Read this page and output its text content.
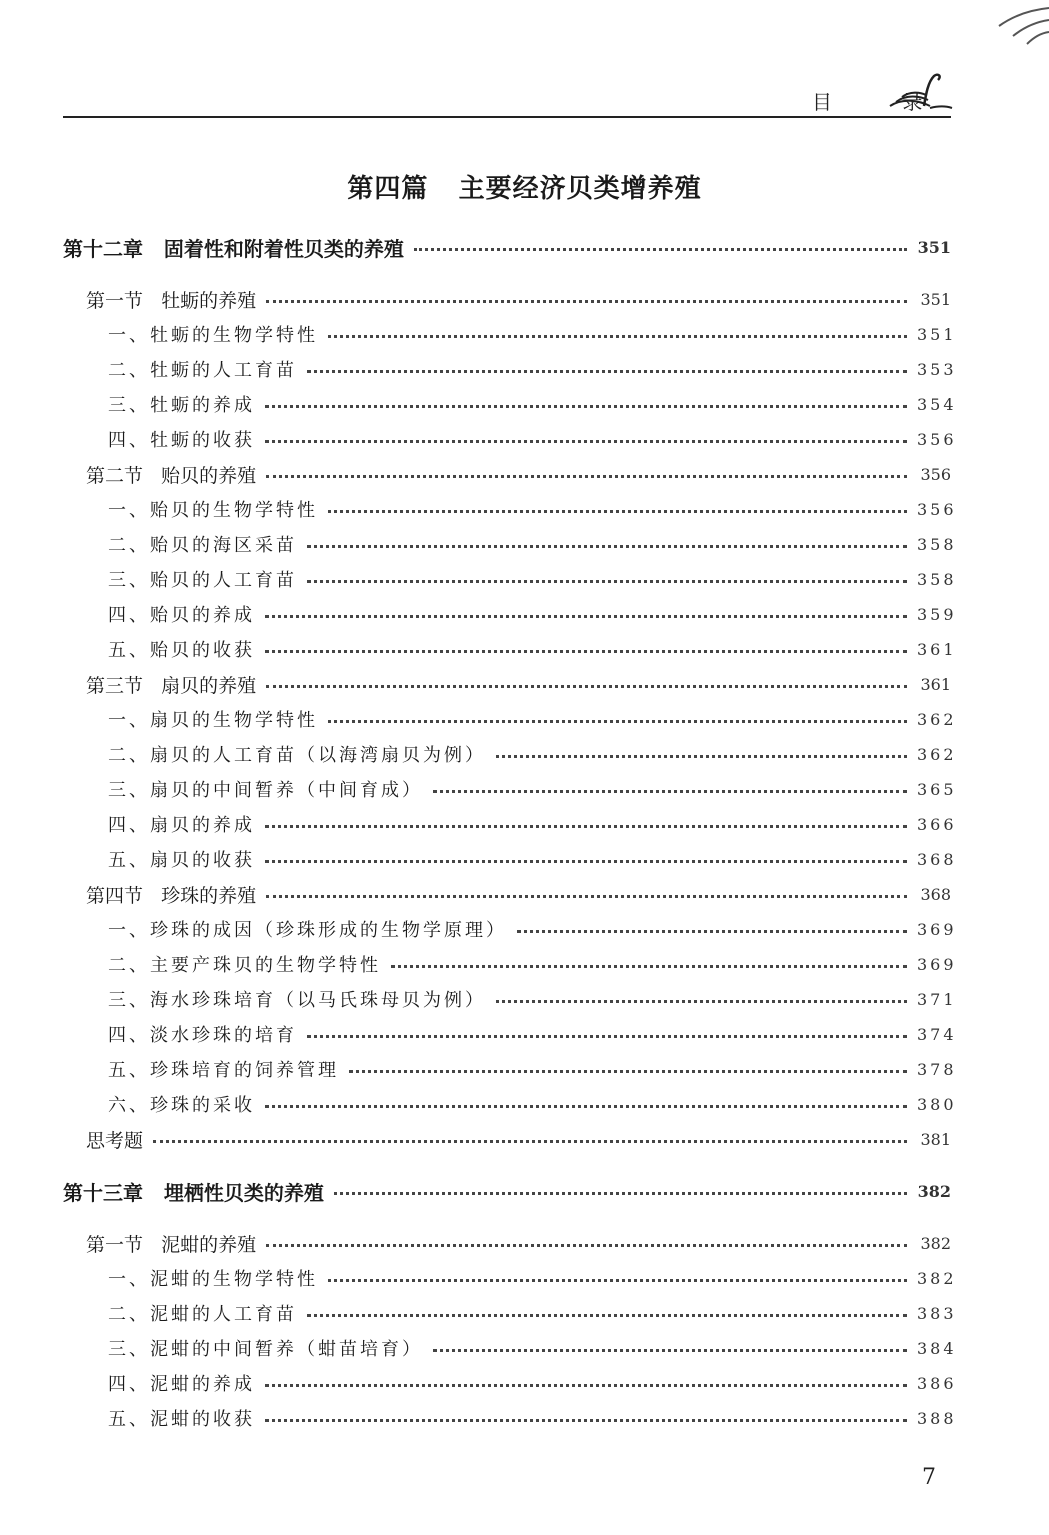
目 录
第四篇   主要经济贝类增养殖
第十二章   固着性和附着性贝类的养殖	351
第一节   牡蛎的养殖	351
一、牡蛎的生物学特性	351
二、牡蛎的人工育苗	353
三、牡蛎的养成	354
四、牡蛎的收获	356
第二节   贻贝的养殖	356
一、贻贝的生物学特性	356
二、贻贝的海区采苗	358
三、贻贝的人工育苗	358
四、贻贝的养成	359
五、贻贝的收获	361
第三节   扇贝的养殖	361
一、扇贝的生物学特性	362
二、扇贝的人工育苗（以海湾扇贝为例）	362
三、扇贝的中间暂养（中间育成）	365
四、扇贝的养成	366
五、扇贝的收获	368
第四节   珍珠的养殖	368
一、珍珠的成因（珍珠形成的生物学原理）	369
二、主要产珠贝的生物学特性	369
三、海水珍珠培育（以马氏珠母贝为例）	371
四、淡水珍珠的培育	374
五、珍珠培育的饲养管理	378
六、珍珠的采收	380
思考题	381
第十三章   埋栖性贝类的养殖	382
第一节   泥蚶的养殖	382
一、泥蚶的生物学特性	382
二、泥蚶的人工育苗	383
三、泥蚶的中间暂养（蚶苗培育）	384
四、泥蚶的养成	386
五、泥蚶的收获	388
7
